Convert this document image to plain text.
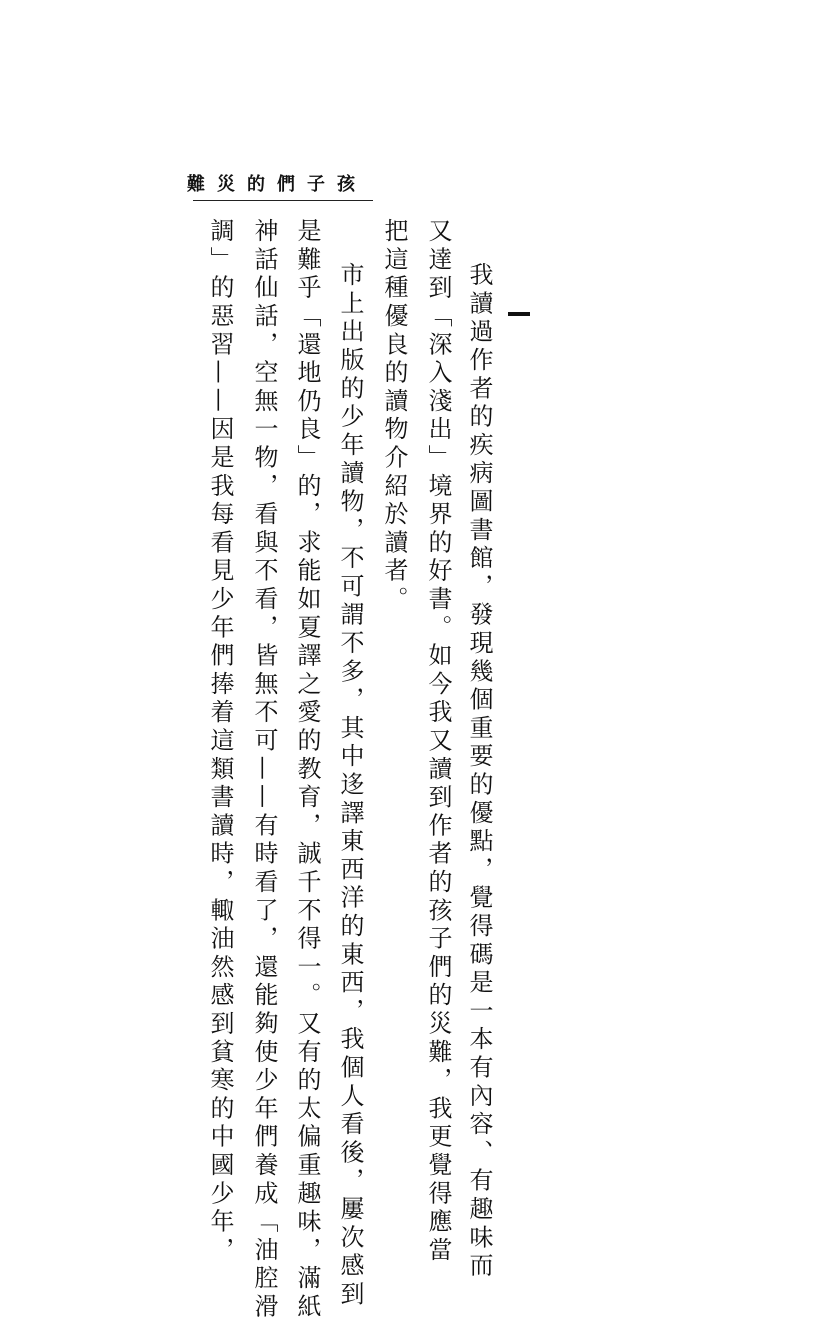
孩子們的災難
我讀過作者的疾病圖書館，發現幾個重要的優點，覺得碼是一本有內容、有趣味而
又達到「深入淺出」境界的好書。如今我又讀到作者的孩子們的災難，我更覺得應當
把這種優良的讀物介紹於讀者。
市上出版的少年讀物，不可謂不多，其中迻譯東西洋的東西，我個人看後，屢次感到
是難乎「還地仍良」的，求能如夏譯之愛的教育，誠千不得一。又有的太偏重趣味，滿紙
神話仙話，空無一物，看與不看，皆無不可——有時看了，還能夠使少年們養成「油腔滑
調」的惡習——因是我每看見少年們捧着這類書讀時，輙油然感到貧寒的中國少年，
